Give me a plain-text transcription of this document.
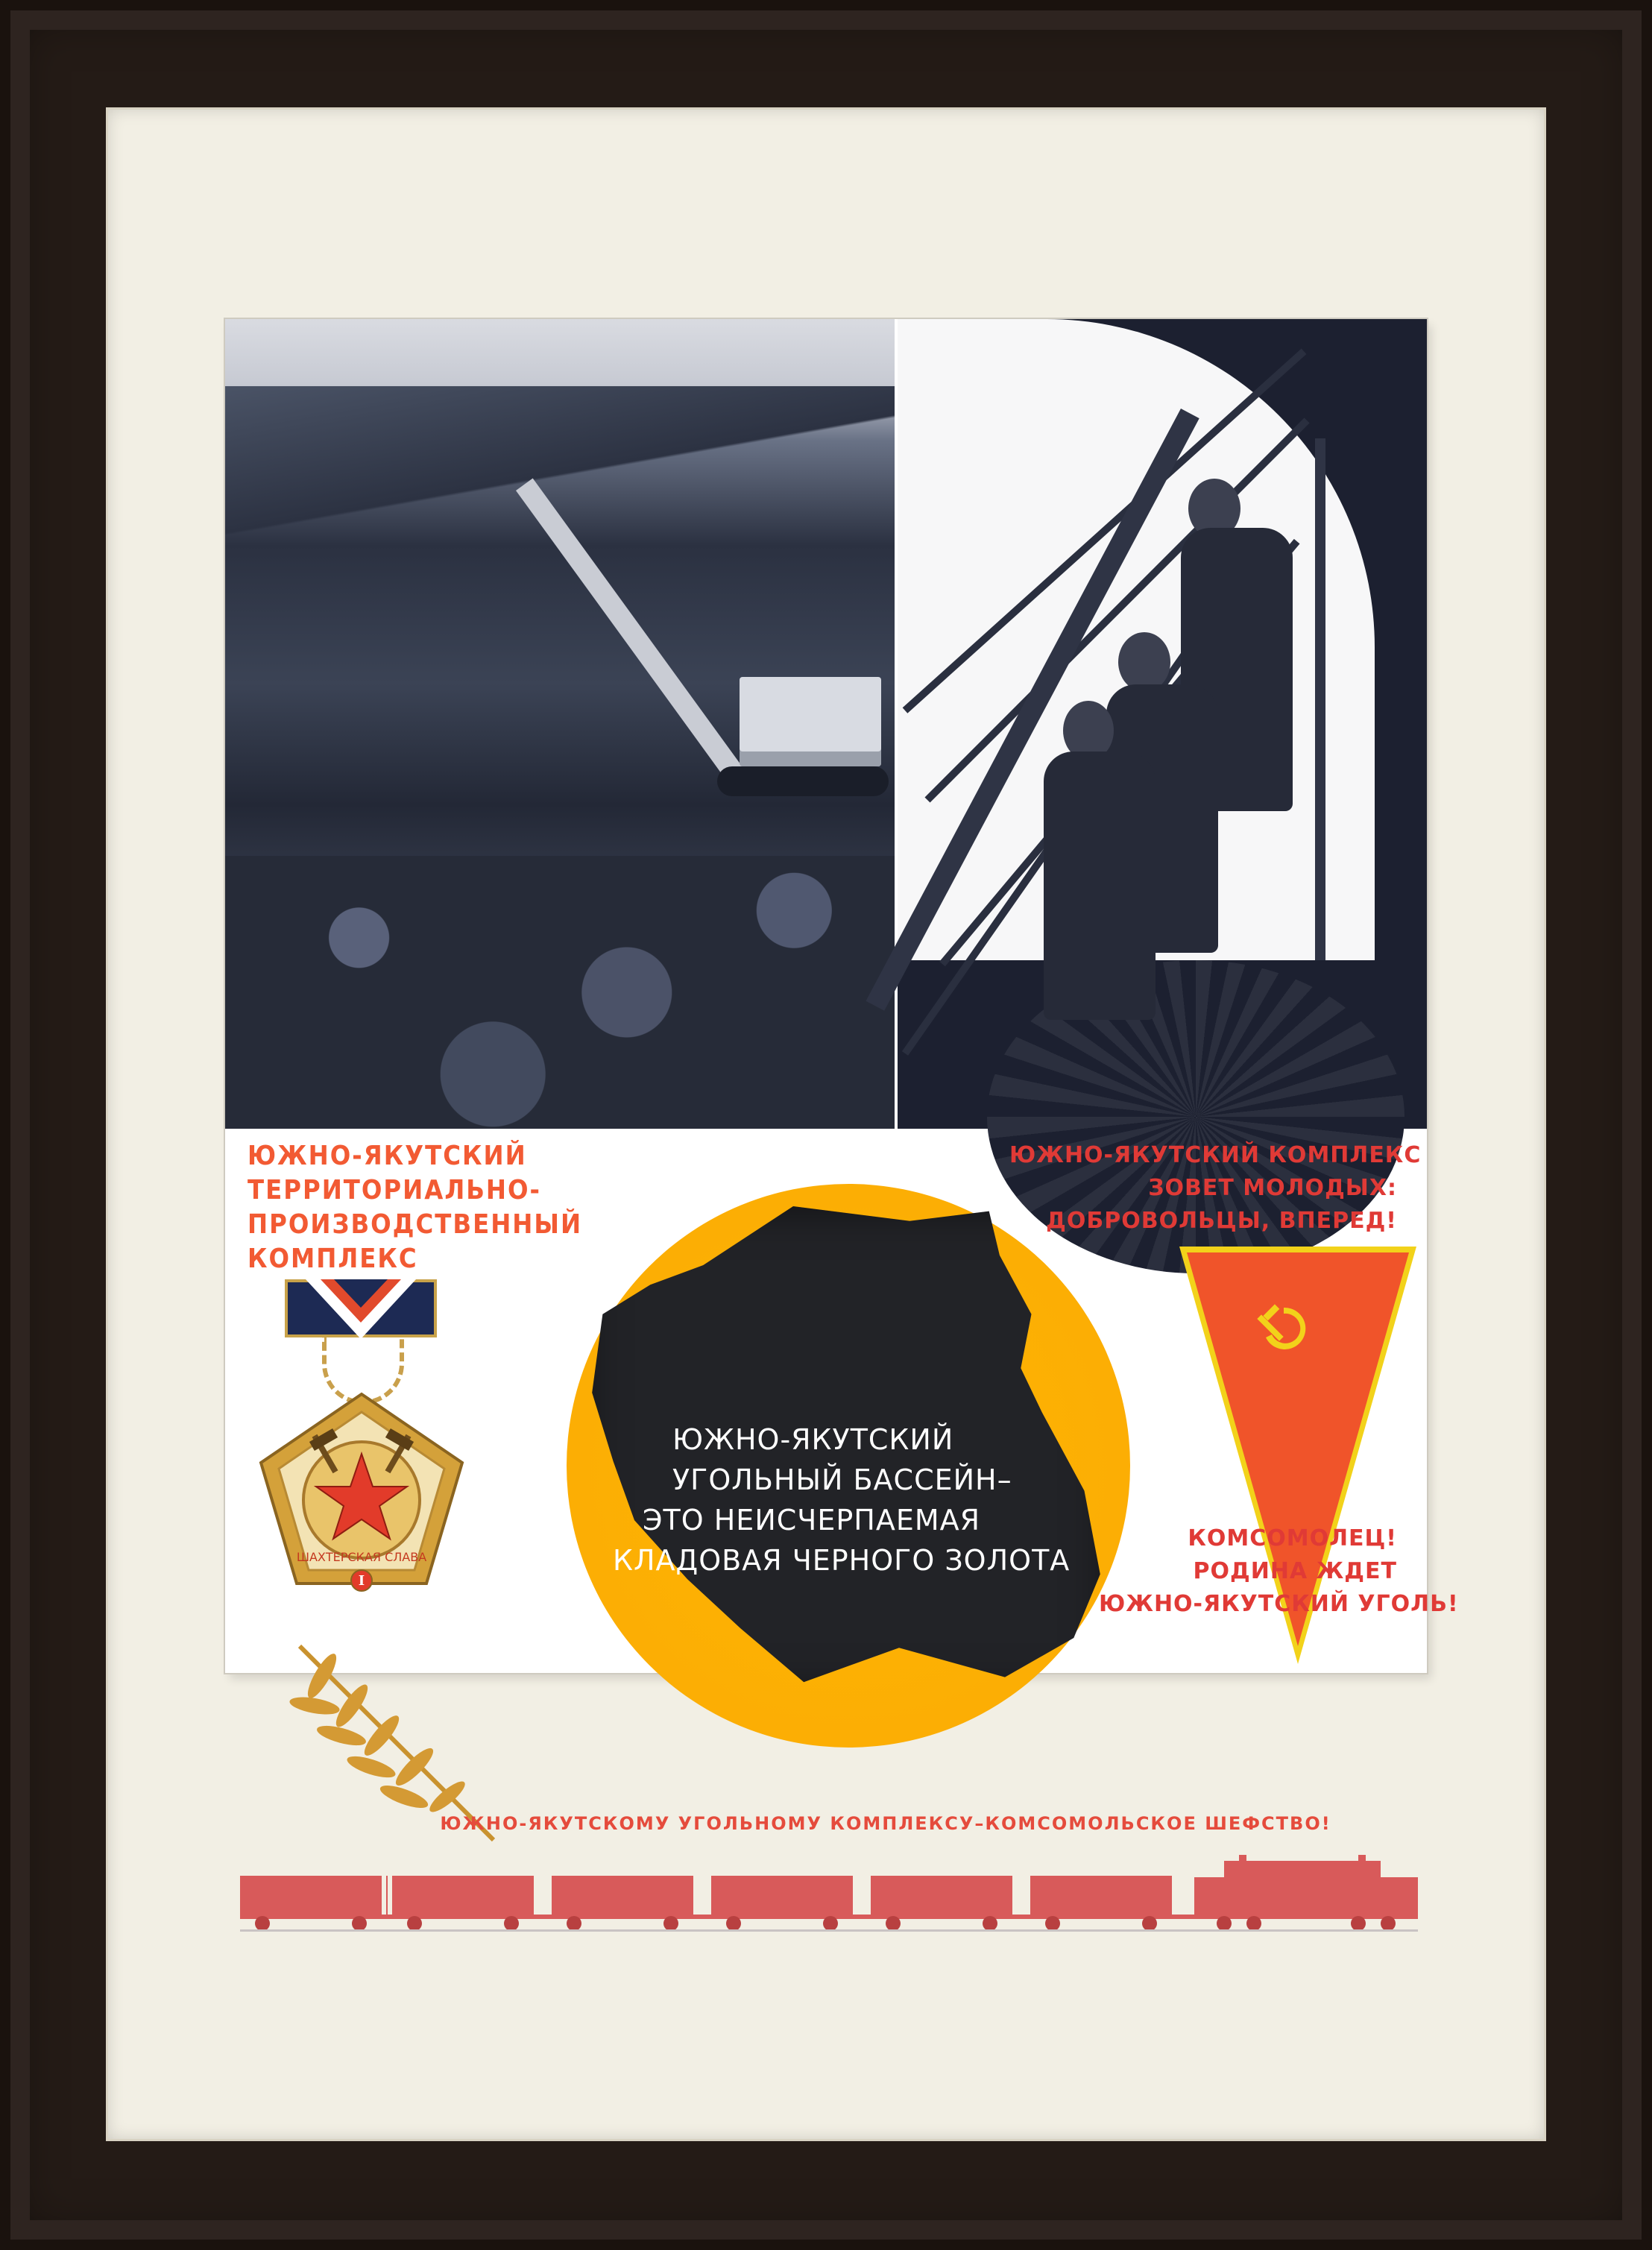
ЮЖНО-ЯКУТСКИЙ
ТЕРРИТОРИАЛЬНО-
ПРОИЗВОДСТВЕННЫЙ
КОМПЛЕКС
ЮЖНО-ЯКУТСКИЙ КОМПЛЕКС
ЗОВЕТ МОЛОДЫХ:
ДОБРОВОЛЬЦЫ, ВПЕРЕД!
ШАХТЕРСКАЯ СЛАВА
I
ЮЖНО-ЯКУТСКИЙ
УГОЛЬНЫЙ БАССЕЙН–
ЭТО НЕИСЧЕРПАЕМАЯ
КЛАДОВАЯ ЧЕРНОГО ЗОЛОТА
КОМСОМОЛЕЦ!
РОДИНА ЖДЕТ
ЮЖНО-ЯКУТСКИЙ УГОЛЬ!
ЮЖНО-ЯКУТСКОМУ УГОЛЬНОМУ КОМПЛЕКСУ–КОМСОМОЛЬСКОЕ ШЕФСТВО!
